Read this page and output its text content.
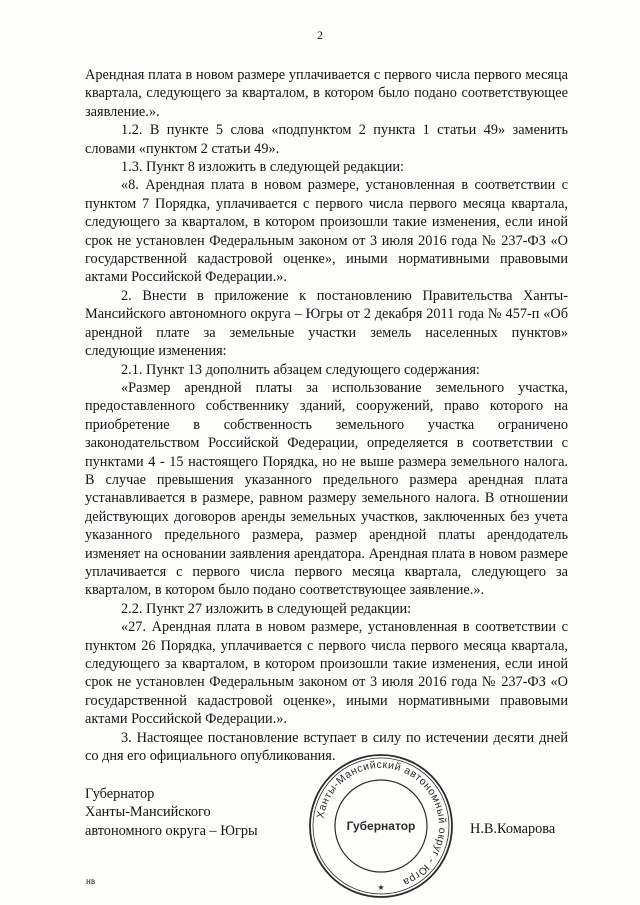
2

Арендная плата в новом размере уплачивается с первого числа первого месяца квартала, следующего за кварталом, в котором было подано соответствующее заявление.».

1.2. В пункте 5 слова «подпунктом 2 пункта 1 статьи 49» заменить словами «пунктом 2 статьи 49».

1.3. Пункт 8 изложить в следующей редакции:

«8. Арендная плата в новом размере, установленная в соответствии с пунктом 7 Порядка, уплачивается с первого числа первого месяца квартала, следующего за кварталом, в котором произошли такие изменения, если иной срок не установлен Федеральным законом от 3 июля 2016 года № 237-ФЗ «О государственной кадастровой оценке», иными нормативными правовыми актами Российской Федерации.».

2. Внести в приложение к постановлению Правительства Ханты-Мансийского автономного округа – Югры от 2 декабря 2011 года № 457-п «Об арендной плате за земельные участки земель населенных пунктов» следующие изменения:

2.1. Пункт 13 дополнить абзацем следующего содержания:

«Размер арендной платы за использование земельного участка, предоставленного собственнику зданий, сооружений, право которого на приобретение в собственность земельного участка ограничено законодательством Российской Федерации, определяется в соответствии с пунктами 4 - 15 настоящего Порядка, но не выше размера земельного налога. В случае превышения указанного предельного размера арендная плата устанавливается в размере, равном размеру земельного налога. В отношении действующих договоров аренды земельных участков, заключенных без учета указанного предельного размера, размер арендной платы арендодатель изменяет на основании заявления арендатора. Арендная плата в новом размере уплачивается с первого числа первого месяца квартала, следующего за кварталом, в котором было подано соответствующее заявление.».

2.2. Пункт 27 изложить в следующей редакции:

«27. Арендная плата в новом размере, установленная в соответствии с пунктом 26 Порядка, уплачивается с первого числа первого месяца квартала, следующего за кварталом, в котором произошли такие изменения, если иной срок не установлен Федеральным законом от 3 июля 2016 года № 237-ФЗ «О государственной кадастровой оценке», иными нормативными правовыми актами Российской Федерации.».

3. Настоящее постановление вступает в силу по истечении десяти дней со дня его официального опубликования.

Губернатор
Ханты-Мансийского
автономного округа – Югры
Ханты-Мансийский автономный округ - Югра
Губернатор
★
Н.В.Комарова
нв
